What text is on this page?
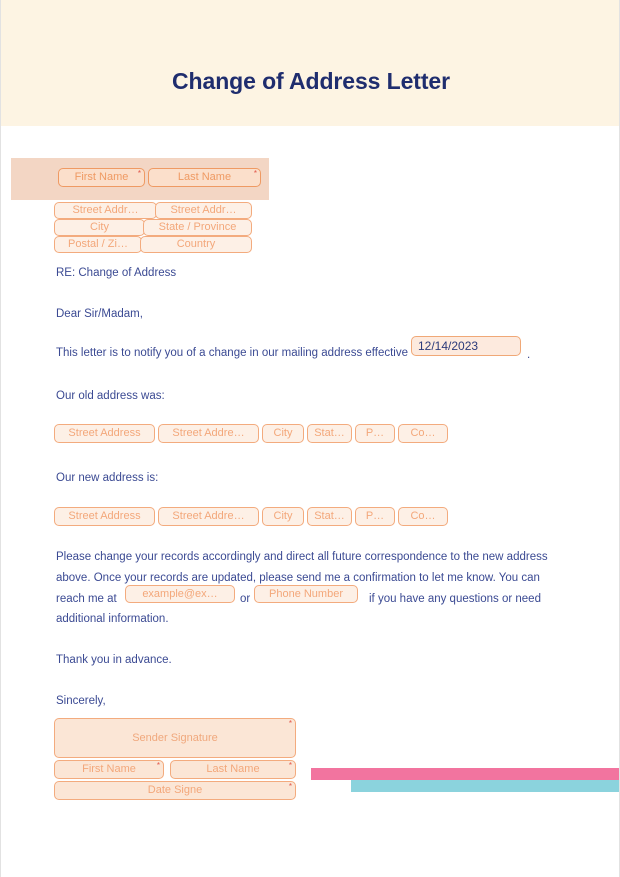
Change of Address Letter
First Name *	Last Name	*
Street Addr…	Street Addr…
City	State / Province
Postal / Zi…	Country
RE: Change of Address
Dear Sir/Madam,
This letter is to notify you of a change in our mailing address effective 12/14/2023
.
Our old address was:
Street Address	Street Addre…	City Stat… P… Co…
Our new address is:
Street Address	Street Addre…	City Stat… P… Co…
Please change your records accordingly and direct all future correspondence to the new address
above. Once your records are updated, please send me a confirmation to let me know. You can
reach me at example@ex… or Phone Number if you have any questions or need
additional information.
Thank you in advance.
Sincerely,
Sender Signature
*
First Name	*	Last Name	*
Date Signe	*
